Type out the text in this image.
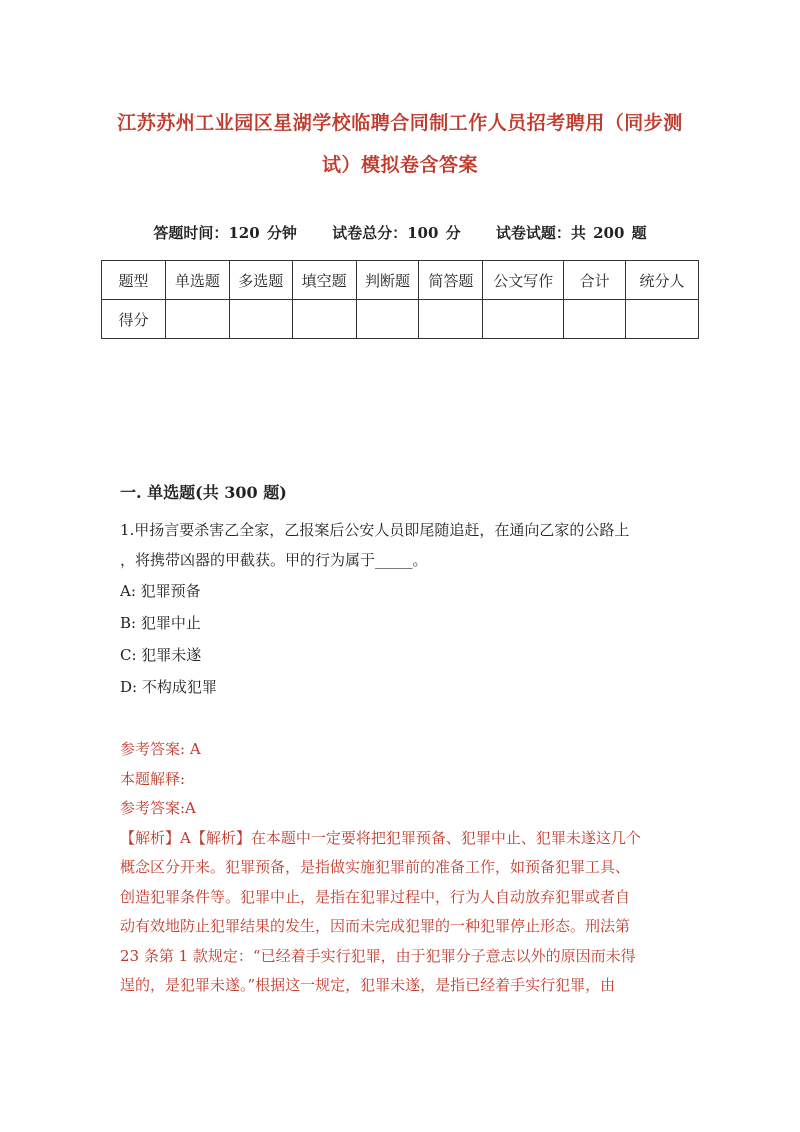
江苏苏州工业园区星湖学校临聘合同制工作人员招考聘用（同步测
试）模拟卷含答案
答题时间：120 分钟 试卷总分：100 分 试卷试题：共 200 题
题型	单选题	多选题	填空题	判断题	简答题	公文写作	合计	统分人
得分								
一. 单选题(共 300 题)
1.甲扬言要杀害乙全家，乙报案后公安人员即尾随追赶，在通向乙家的公路上
，将携带凶器的甲截获。甲的行为属于_____。
A: 犯罪预备
B: 犯罪中止
C: 犯罪未遂
D: 不构成犯罪
参考答案: A
本题解释:
参考答案:A
【解析】A【解析】在本题中一定要将把犯罪预备、犯罪中止、犯罪未遂这几个
概念区分开来。犯罪预备，是指做实施犯罪前的准备工作，如预备犯罪工具、
创造犯罪条件等。犯罪中止，是指在犯罪过程中，行为人自动放弃犯罪或者自
动有效地防止犯罪结果的发生，因而未完成犯罪的一种犯罪停止形态。刑法第
23 条第 1 款规定：“已经着手实行犯罪，由于犯罪分子意志以外的原因而未得
逞的，是犯罪未遂。”根据这一规定，犯罪未遂，是指已经着手实行犯罪，由
